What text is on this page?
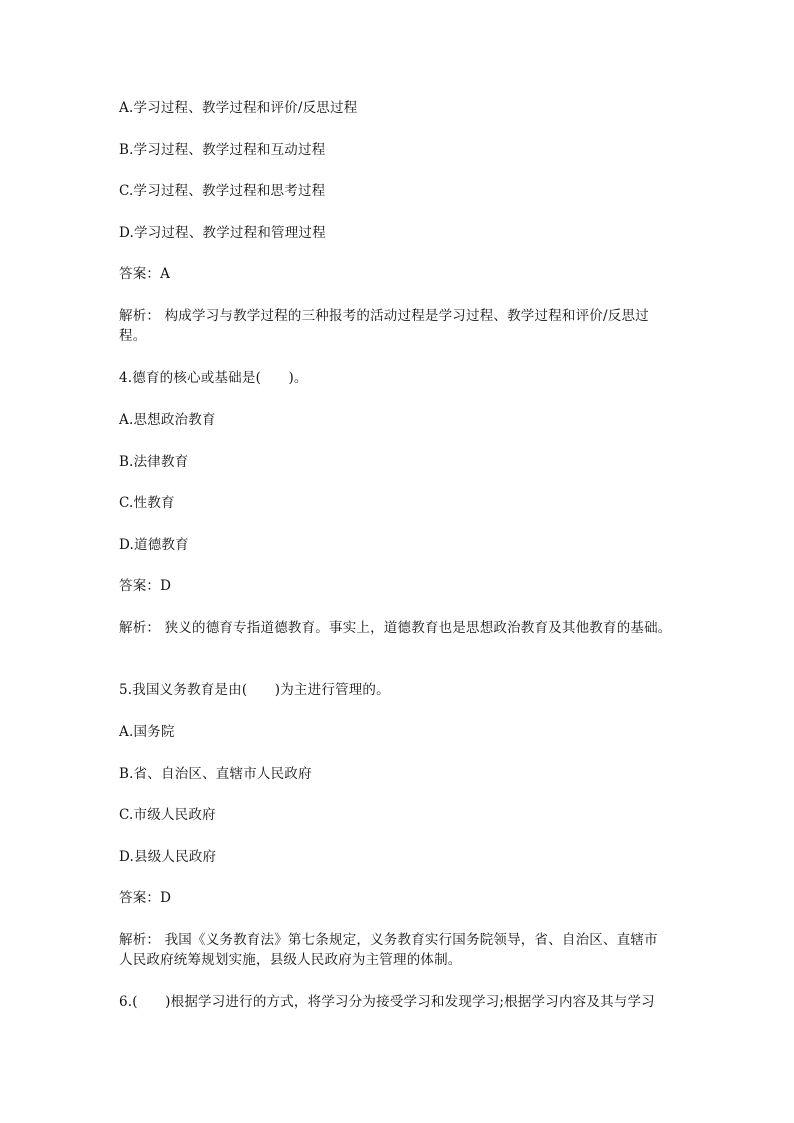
A.学习过程、教学过程和评价/反思过程
B.学习过程、教学过程和互动过程
C.学习过程、教学过程和思考过程
D.学习过程、教学过程和管理过程
答案：A
解析： 构成学习与教学过程的三种报考的活动过程是学习过程、教学过程和评价/反思过
程。
4.德育的核心或基础是(　　)。
A.思想政治教育
B.法律教育
C.性教育
D.道德教育
答案：D
解析： 狭义的德育专指道德教育。事实上，道德教育也是思想政治教育及其他教育的基础。
5.我国义务教育是由(　　)为主进行管理的。
A.国务院
B.省、自治区、直辖市人民政府
C.市级人民政府
D.县级人民政府
答案：D
解析： 我国《义务教育法》第七条规定，义务教育实行国务院领导，省、自治区、直辖市
人民政府统筹规划实施，县级人民政府为主管理的体制。
6.(　　)根据学习进行的方式，将学习分为接受学习和发现学习;根据学习内容及其与学习
